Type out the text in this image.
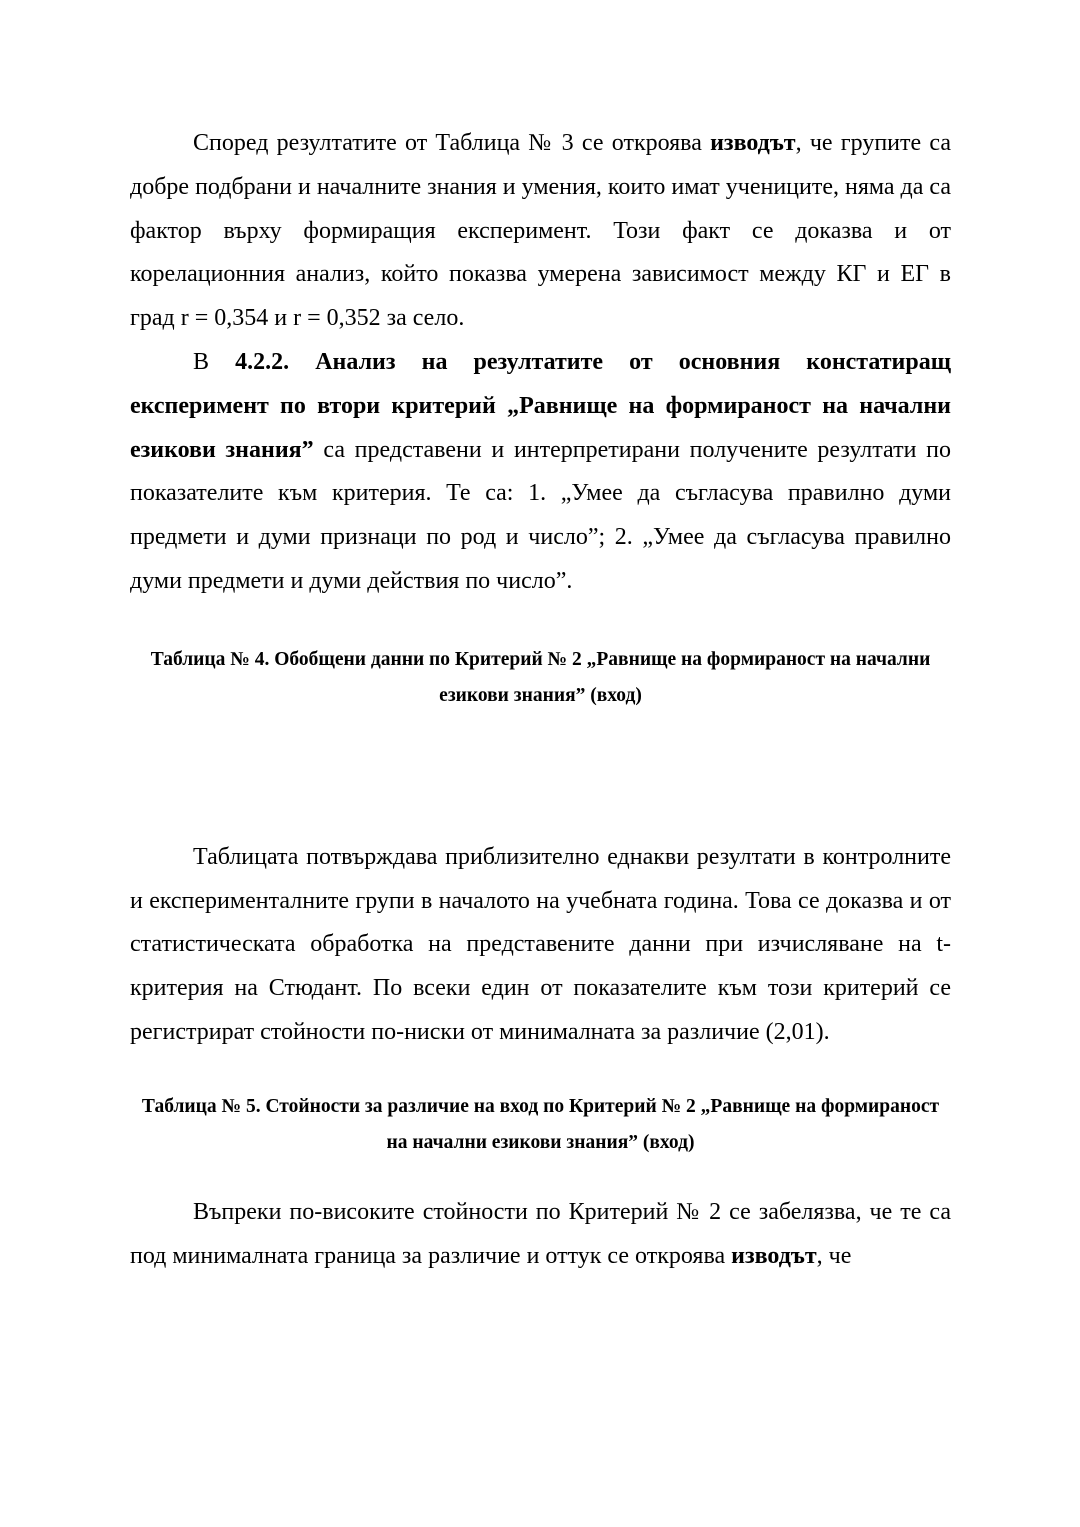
Според резултатите от Таблица № 3 се откроява изводът, че групите са добре подбрани и началните знания и умения, които имат учениците, няма да са фактор върху формиращия експеримент. Този факт се доказва и от корелационния анализ, който показва умерена зависимост между КГ и ЕГ в град r = 0,354 и r = 0,352 за село.

В 4.2.2. Анализ на резултатите от основния констатиращ експеримент по втори критерий „Равнище на формираност на начални езикови знания” са представени и интерпретирани получените резултати по показателите към критерия. Те са: 1. „Умее да съгласува правилно думи предмети и думи признаци по род и число”; 2. „Умее да съгласува правилно думи предмети и думи действия по число”.

Таблица № 4. Обобщени данни по Критерий № 2 „Равнище на формираност на начални езикови знания” (вход)

Таблицата потвърждава приблизително еднакви резултати в контролните и експерименталните групи в началото на учебната година. Това се доказва и от статистическата обработка на представените данни при изчисляване на t-критерия на Стюдант. По всеки един от показателите към този критерий се регистрират стойности по-ниски от минималната за различие (2,01).

Таблица № 5. Стойности за различие на вход по Критерий № 2 „Равнище на формираност на начални езикови знания” (вход)

Въпреки по-високите стойности по Критерий № 2 се забелязва, че те са под минималната граница за различие и оттук се откроява изводът, че
